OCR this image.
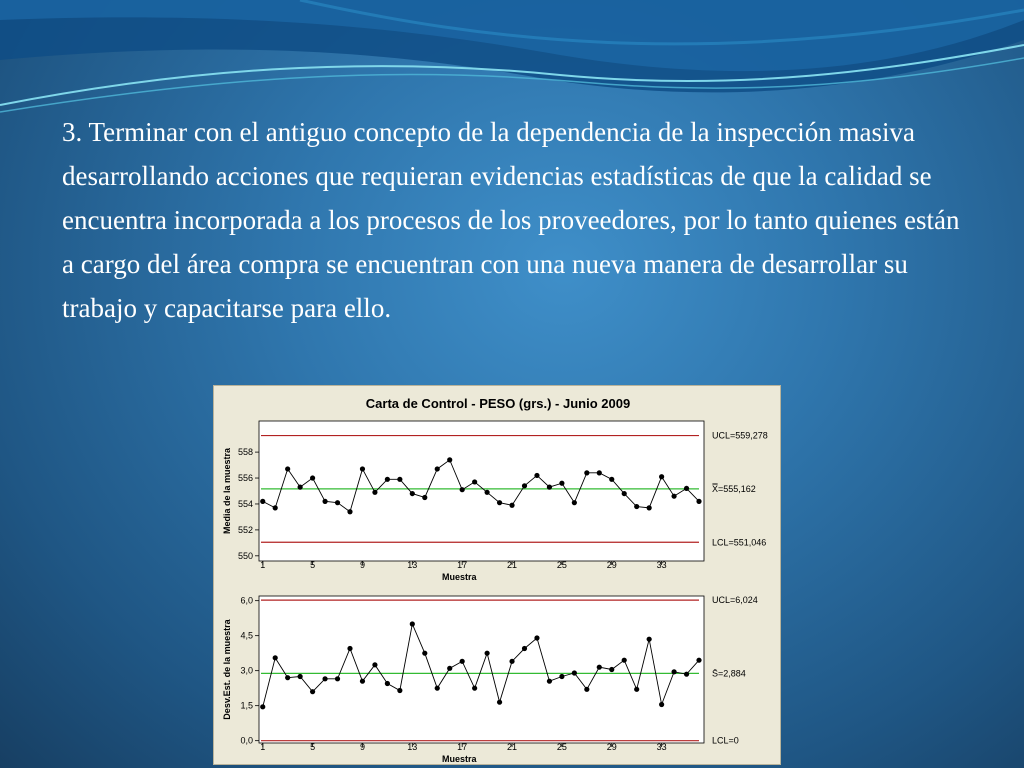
3. Terminar con el antiguo concepto de la dependencia de la inspección masiva desarrollando acciones que requieran evidencias estadísticas de que la calidad se encuentra incorporada a los procesos de los proveedores, por lo tanto quienes están a cargo del área compra se encuentran con una nueva manera de desarrollar su trabajo y capacitarse para ello.

Carta de Control - PESO (grs.) - Junio 2009
UCL=559,278
X̿=555,162
LCL=551,046
550
552
554
556
558
1	5	9	13	17	21	25	29	33
Muestra
Media de la muestra
UCL=6,024
S̄=2,884
LCL=0
0,0
1,5
3,0
4,5
6,0
1	5	9	13	17	21	25	29	33
Muestra
Desv.Est. de la muestra
